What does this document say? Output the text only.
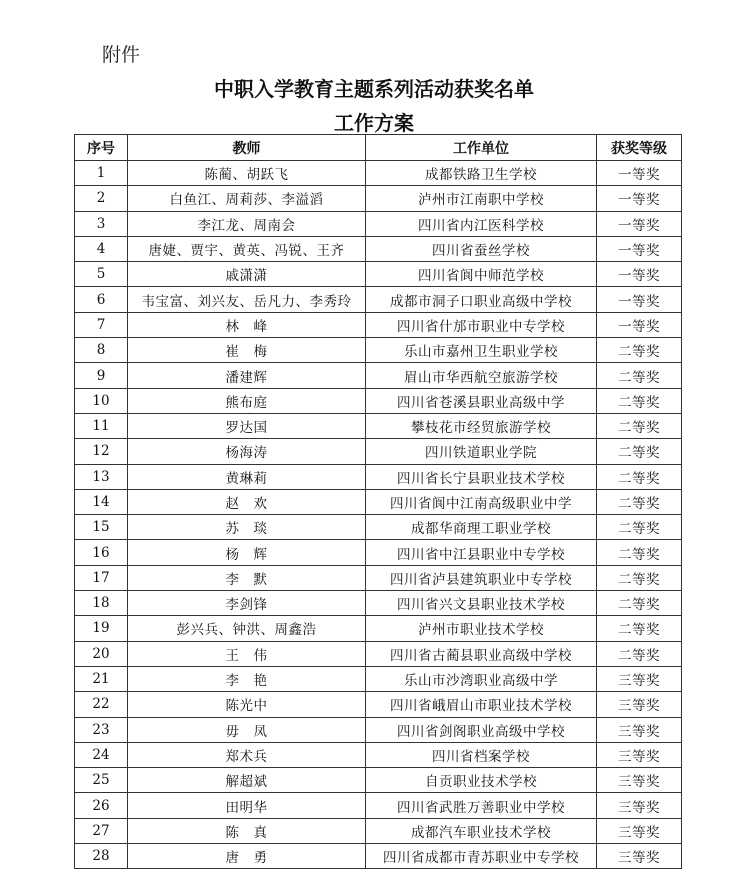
附件
中职入学教育主题系列活动获奖名单
工作方案
序号	教师	工作单位	获奖等级
1	陈蔺、胡跃飞	成都铁路卫生学校	一等奖
2	白鱼江、周莉莎、李溢滔	泸州市江南职中学校	一等奖
3	李江龙、周南会	四川省内江医科学校	一等奖
4	唐婕、贾宇、黄英、冯锐、王齐	四川省蚕丝学校	一等奖
5	戚潇潇	四川省阆中师范学校	一等奖
6	韦宝富、刘兴友、岳凡力、李秀玲	成都市洞子口职业高级中学校	一等奖
7	林　峰	四川省什邡市职业中专学校	一等奖
8	崔　梅	乐山市嘉州卫生职业学校	二等奖
9	潘建辉	眉山市华西航空旅游学校	二等奖
10	熊布庭	四川省苍溪县职业高级中学	二等奖
11	罗达国	攀枝花市经贸旅游学校	二等奖
12	杨海涛	四川铁道职业学院	二等奖
13	黄琳莉	四川省长宁县职业技术学校	二等奖
14	赵　欢	四川省阆中江南高级职业中学	二等奖
15	苏　琰	成都华商理工职业学校	二等奖
16	杨　辉	四川省中江县职业中专学校	二等奖
17	李　默	四川省泸县建筑职业中专学校	二等奖
18	李剑锋	四川省兴文县职业技术学校	二等奖
19	彭兴兵、钟洪、周鑫浩	泸州市职业技术学校	二等奖
20	王　伟	四川省古蔺县职业高级中学校	二等奖
21	李　艳	乐山市沙湾职业高级中学	三等奖
22	陈光中	四川省峨眉山市职业技术学校	三等奖
23	毋　凤	四川省剑阁职业高级中学校	三等奖
24	郑术兵	四川省档案学校	三等奖
25	解超斌	自贡职业技术学校	三等奖
26	田明华	四川省武胜万善职业中学校	三等奖
27	陈　真	成都汽车职业技术学校	三等奖
28	唐　勇	四川省成都市青苏职业中专学校	三等奖
